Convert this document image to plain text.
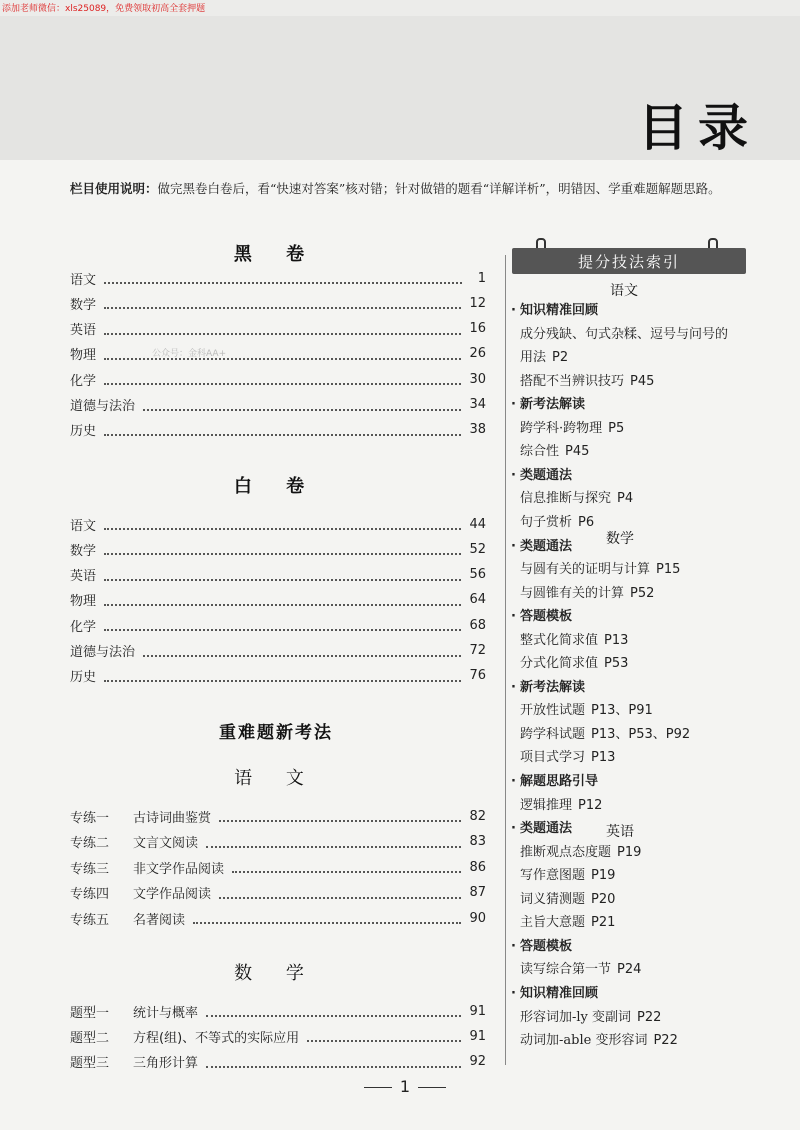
添加老师微信：xls25089，免费领取初高全套押题
目录
栏目使用说明：做完黑卷白卷后，看“快速对答案”核对错；针对做错的题看“详解详析”，明错因、学重难题解题思路。
黑 卷
语文	1
数学	12
英语	16
物理	26
化学	30
道德与法治	34
历史	38
公众号：金科AA+
白 卷
语文	44
数学	52
英语	56
物理	64
化学	68
道德与法治	72
历史	76
重难题新考法
语 文
专练一 古诗词曲鉴赏	82
专练二 文言文阅读	83
专练三 非文学作品阅读	86
专练四 文学作品阅读	87
专练五 名著阅读	90
数 学
题型一 统计与概率	91
题型二 方程(组)、不等式的实际应用	91
题型三 三角形计算	92
1
提分技法索引
语文
数学
英语
· 知识精准回顾
成分残缺、句式杂糅、逗号与问号的
用法 P2
搭配不当辨识技巧 P45
· 新考法解读
跨学科·跨物理 P5
综合性 P45
· 类题通法
信息推断与探究 P4
句子赏析 P6
· 类题通法
与圆有关的证明与计算 P15
与圆锥有关的计算 P52
· 答题模板
整式化简求值 P13
分式化简求值 P53
· 新考法解读
开放性试题 P13、P91
跨学科试题 P13、P53、P92
项目式学习 P13
· 解题思路引导
逻辑推理 P12
· 类题通法
推断观点态度题 P19
写作意图题 P19
词义猜测题 P20
主旨大意题 P21
· 答题模板
读写综合第一节 P24
· 知识精准回顾
形容词加-ly 变副词 P22
动词加-able 变形容词 P22
